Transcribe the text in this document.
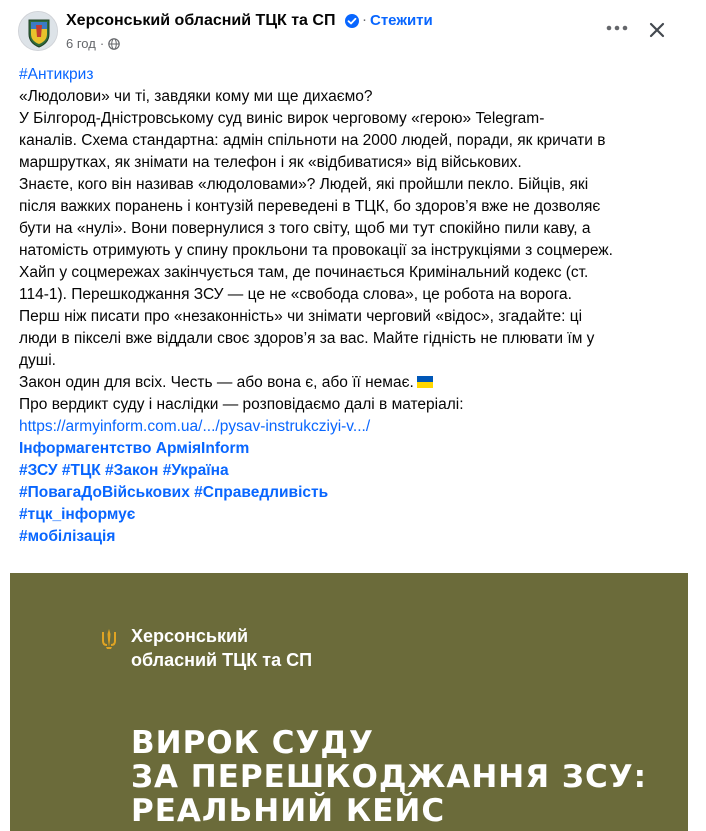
Херсонський обласний ТЦК та СП · Стежити
6 год ·

#Антикриз

«Людолови» чи ті, завдяки кому ми ще дихаємо?

У Білгород-Дністровському суд виніс вирок черговому «герою» Telegram-

каналів. Схема стандартна: адмін спільноти на 2000 людей, поради, як кричати в

маршрутках, як знімати на телефон і як «відбиватися» від військових.

Знаєте, кого він називав «людоловами»? Людей, які пройшли пекло. Бійців, які

після важких поранень і контузій переведені в ТЦК, бо здоров’я вже не дозволяє

бути на «нулі». Вони повернулися з того світу, щоб ми тут спокійно пили каву, а

натомість отримують у спину прокльони та провокації за інструкціями з соцмереж.

Хайп у соцмережах закінчується там, де починається Кримінальний кодекс (ст.

114-1). Перешкоджання ЗСУ — це не «свобода слова», це робота на ворога.

Перш ніж писати про «незаконність» чи знімати черговий «відос», згадайте: ці

люди в пікселі вже віддали своє здоров’я за вас. Майте гідність не плювати їм у

душі.

Закон один для всіх. Честь — або вона є, або її немає.

Про вердикт суду і наслідки — розповідаємо далі в матеріалі:

https://armyinform.com.ua/.../pysav-instrukcziyi-v.../

Інформагентство АрміяInform

#ЗСУ #ТЦК #Закон #Україна

#ПовагаДоВійськових #Справедливість

#тцк_інформує

#мобілізація

Херсонський
обласний ТЦК та СП
ВИРОК СУДУ
ЗА ПЕРЕШКОДЖАННЯ ЗСУ:
РЕАЛЬНИЙ КЕЙС
